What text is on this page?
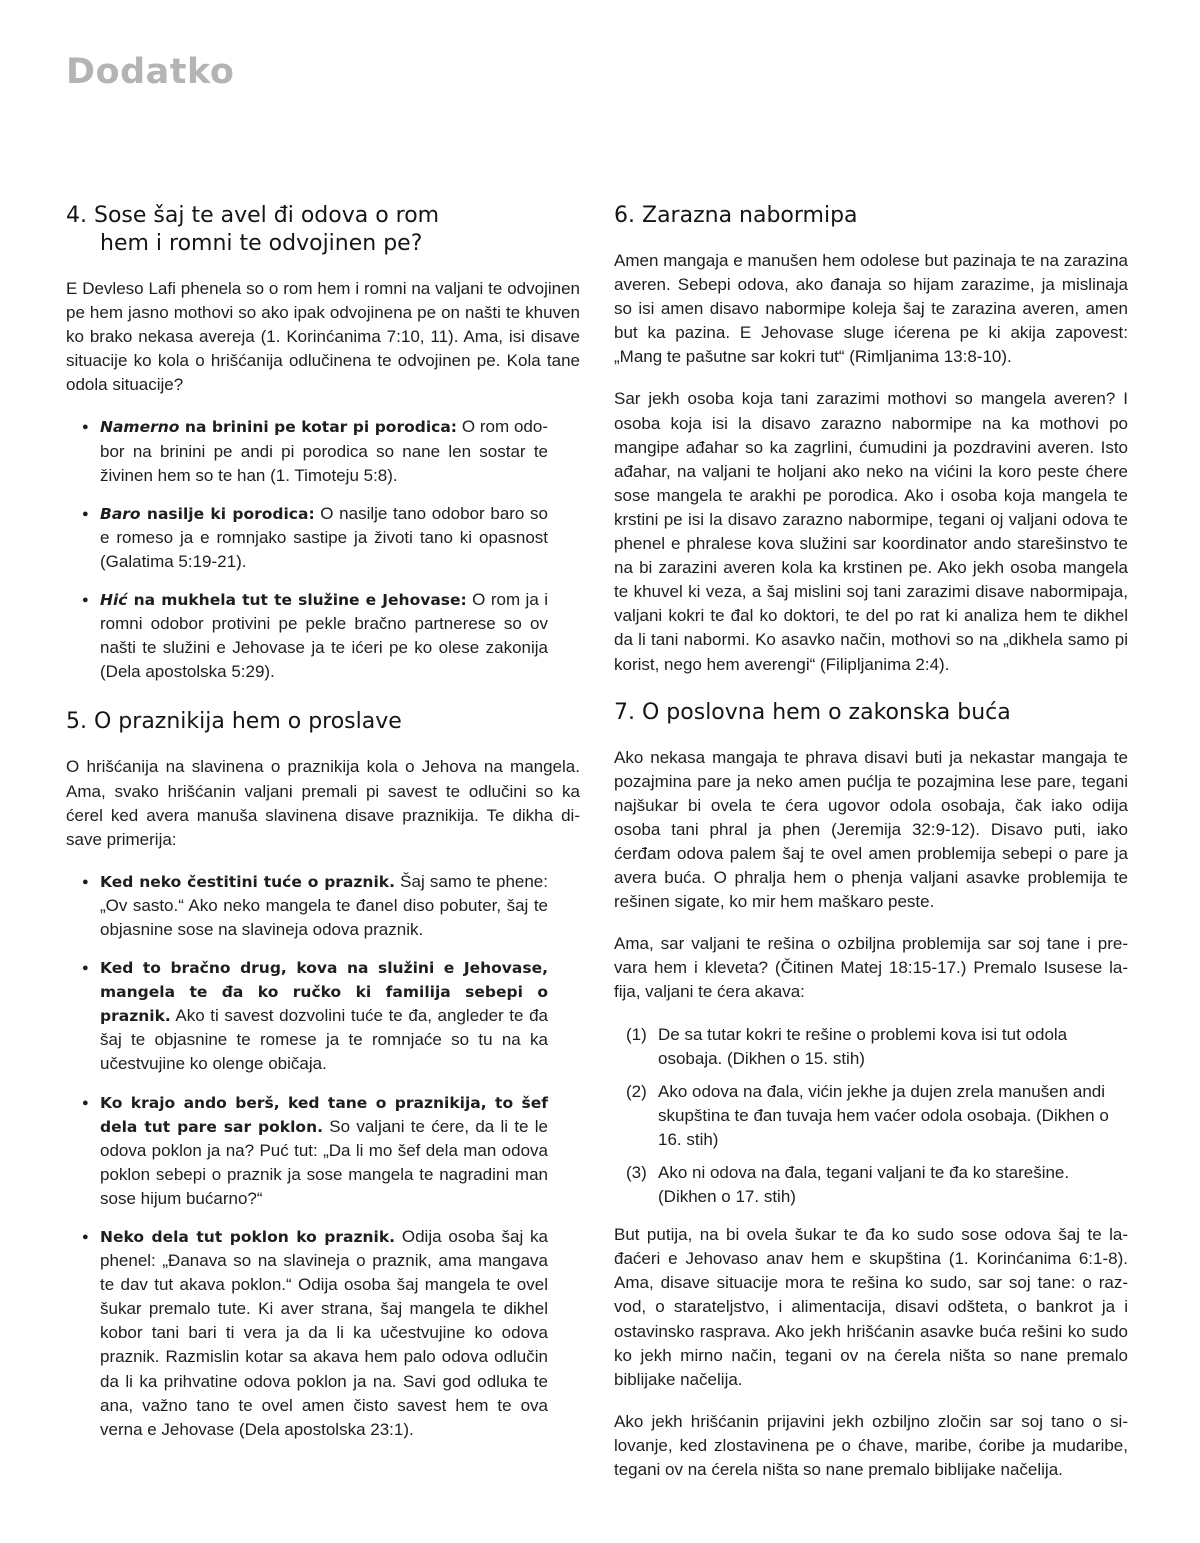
Dodatko
4. Sose šaj te avel đi odova o rom
hem i romni te odvojinen pe?

E Devleso Lafi phenela so o rom hem i romni na valjani te odvojinen pe hem jasno mothovi so ako ipak odvojinena pe on našti te khuven ko brako nekasa avereja (1. Korinćanima 7:10, 11). Ama, isi disave situacije ko kola o hrišćanija odlučinena te odvojinen pe. Kola tane odola situacije?

● Namerno na brinini pe kotar pi porodica: O rom odobor na brinini pe andi pi porodica so nane len sostar te živinen hem so te han (1. Timoteju 5:8).
● Baro nasilje ki porodica: O nasilje tano odobor baro so e romeso ja e romnjako sastipe ja životi tano ki opasnost (Galatima 5:19-21).
● Hić na mukhela tut te služine e Jehovase: O rom ja i romni odobor protivini pe pekle bračno partnerese so ov našti te služini e Jehovase ja te ićeri pe ko olese zakonija (Dela apostolska 5:29).
5. O praznikija hem o proslave

O hrišćanija na slavinena o praznikija kola o Jehova na mangela. Ama, svako hrišćanin valjani premali pi savest te odlučini so ka ćerel ked avera manuša slavinena disave praznikija. Te dikha disave primerija:

● Ked neko čestitini tuće o praznik. Šaj samo te phene: „Ov sasto.“ Ako neko mangela te đanel diso pobuter, šaj te objasnine sose na slavineja odova praznik.
● Ked to bračno drug, kova na služini e Jehovase, mangela te đa ko ručko ki familija sebepi o praznik. Ako ti savest dozvolini tuće te đa, angleder te đa šaj te objasnine te romese ja te romnjaće so tu na ka učestvujine ko olenge običaja.
● Ko krajo ando berš, ked tane o praznikija, to šef dela tut pare sar poklon. So valjani te ćere, da li te le odova poklon ja na? Puć tut: „Da li mo šef dela man odova poklon sebepi o praznik ja sose mangela te nagradini man sose hijum bućarno?“
● Neko dela tut poklon ko praznik. Odija osoba šaj ka phenel: „Đanava so na slavineja o praznik, ama mangava te dav tut akava poklon.“ Odija osoba šaj mangela te ovel šukar premalo tute. Ki aver strana, šaj mangela te dikhel kobor tani bari ti vera ja da li ka učestvujine ko odova praznik. Razmislin kotar sa akava hem palo odova odlučin da li ka prihvatine odova poklon ja na. Savi god odluka te ana, važno tano te ovel amen čisto savest hem te ova verna e Jehovase (Dela apostolska 23:1).
6. Zarazna nabormipa

Amen mangaja e manušen hem odolese but pazinaja te na zarazina averen. Sebepi odova, ako đanaja so hijam zarazime, ja mislinaja so isi amen disavo nabormipe koleja šaj te zarazina averen, amen but ka pazina. E Jehovase sluge ićerena pe ki akija zapovest: „Mang te pašutne sar kokri tut“ (Rimljanima 13:8-10).

Sar jekh osoba koja tani zarazimi mothovi so mangela averen? I osoba koja isi la disavo zarazno nabormipe na ka mothovi po mangipe ađahar so ka zagrlini, ćumudini ja pozdravini averen. Isto ađahar, na valjani te holjani ako neko na vićini la koro peste ćhere sose mangela te arakhi pe porodica. Ako i osoba koja mangela te krstini pe isi la disavo zarazno nabormipe, tegani oj valjani odova te phenel e phralese kova služini sar koordinator ando starešinstvo te na bi zarazini averen kola ka krstinen pe. Ako jekh osoba mangela te khuvel ki veza, a šaj mislini soj tani zarazimi disave nabormipaja, valjani kokri te đal ko doktori, te del po rat ki analiza hem te dikhel da li tani nabormi. Ko asavko način, mothovi so na „dikhela samo pi korist, nego hem averengi“ (Filipljanima 2:4).

7. O poslovna hem o zakonska buća

Ako nekasa mangaja te phrava disavi buti ja nekastar mangaja te pozajmina pare ja neko amen pućlja te pozajmina lese pare, tegani najšukar bi ovela te ćera ugovor odola osobaja, čak iako odija osoba tani phral ja phen (Jeremija 32:9-12). Disavo puti, iako ćerđam odova palem šaj te ovel amen problemija sebepi o pare ja avera buća. O phralja hem o phenja valjani asavke problemija te rešinen sigate, ko mir hem maškaro peste.

Ama, sar valjani te rešina o ozbiljna problemija sar soj tane i prevara hem i kleveta? (Čitinen Matej 18:15-17.) Premalo Isusese lafija, valjani te ćera akava:

(1) De sa tutar kokri te rešine o problemi kova isi tut odola osobaja. (Dikhen o 15. stih)
(2) Ako odova na đala, vićin jekhe ja dujen zrela manušen andi skupština te đan tuvaja hem vaćer odola osobaja. (Dikhen o 16. stih)
(3) Ako ni odova na đala, tegani valjani te đa ko starešine. (Dikhen o 17. stih)

But putija, na bi ovela šukar te đa ko sudo sose odova šaj te lađaćeri e Jehovaso anav hem e skupština (1. Korinćanima 6:1-8). Ama, disave situacije mora te rešina ko sudo, sar soj tane: o razvod, o starateljstvo, i alimentacija, disavi odšteta, o bankrot ja i ostavinsko rasprava. Ako jekh hrišćanin asavke buća rešini ko sudo ko jekh mirno način, tegani ov na ćerela ništa so nane premalo biblijake načelija.

Ako jekh hrišćanin prijavini jekh ozbiljno zločin sar soj tano o silovanje, ked zlostavinena pe o ćhave, maribe, ćoribe ja mudaribe, tegani ov na ćerela ništa so nane premalo biblijake načelija.
